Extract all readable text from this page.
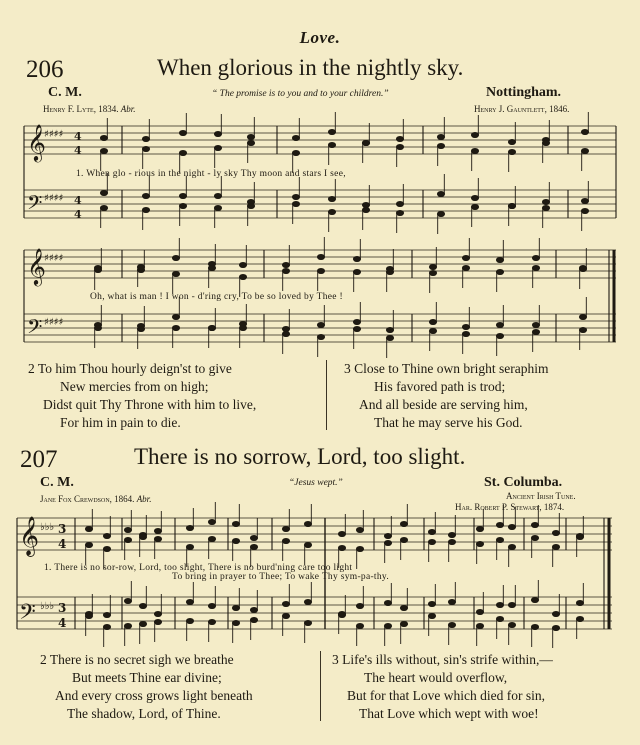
Love.
206	When glorious in the nightly sky.
C. M.	Nottingham.
Henry F. Lyte, 1834. Abr.
“ The promise is to you and to your children.”
Henry J. Gauntlett, 1846.
𝄞
𝄢
𝄞
𝄢
♯♯♯♯
♯♯♯♯
♯♯♯♯
♯♯♯♯
4
4
4
4
1. When glo - rious in the night - ly sky Thy moon and stars I see,
Oh, what is man ! I won - d'ring cry, To be so loved by Thee !
2 To him Thou hourly deign'st to give
New mercies from on high;
Didst quit Thy Throne with him to live,
For him in pain to die.
3 Close to Thine own bright seraphim
His favored path is trod;
And all beside are serving him,
That he may serve his God.
207	There is no sorrow, Lord, too slight.
C. M.	St. Columba.
“Jesus wept.”
Jane Fox Crewdson, 1864. Abr.	Ancient Irish Tune.
Har. Robert P. Stewart, 1874.
𝄞
𝄢
♭♭♭
♭♭♭
3
4
3
4
1. There is no sor-row, Lord, too slight, There is no burd'ning care too light
To bring in prayer to Thee; To wake Thy sym-pa-thy.
2 There is no secret sigh we breathe
But meets Thine ear divine;
And every cross grows light beneath
The shadow, Lord, of Thine.
3 Life's ills without, sin's strife within,—
The heart would overflow,
But for that Love which died for sin,
That Love which wept with woe!
